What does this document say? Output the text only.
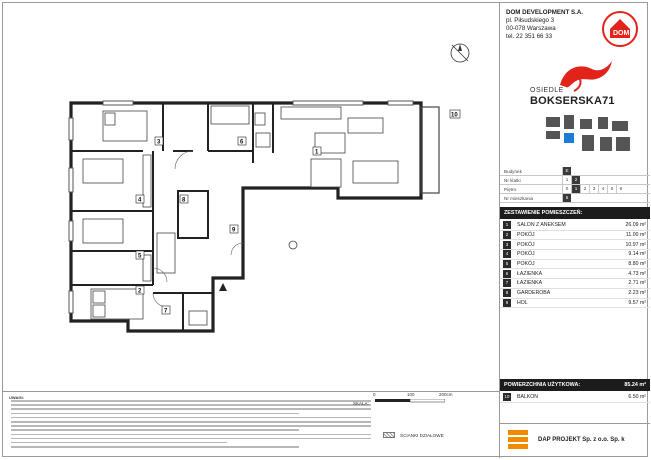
3	6
1
4	8
9
5
2
7
10
DOM DEVELOPMENT S.A.
pl. Piłsudskiego 3
00-078 Warszawa
tel. 22 351 66 33	DOM
OSIEDLE
BOKSERSKA71
Budynek	E
Nr klatki	1	2
Piętro	0	1	2	3	4	5	6
Nr mieszkania	5
ZESTAWIENIE POMIESZCZEŃ:
1	SALON Z ANEKSEM	26.09 m²
2	POKÓJ	11.00 m²
3	POKÓJ	10.97 m²
4	POKÓJ	9.14 m²
5	POKÓJ	8.80 m²
6	ŁAZIENKA	4.73 m²
7	ŁAZIENKA	2.71 m²
8	GARDEROBA	2.23 m²
9	HOL	9.57 m²
POWIERZCHNIA UŻYTKOWA:	85.24 m²
10	BALKON	6.50 m²
DAP PROJEKT Sp. z o.o. Sp. k
UWAGI:
SKALA:
0	100	200cm
ŚCIANKI DZIAŁOWE
